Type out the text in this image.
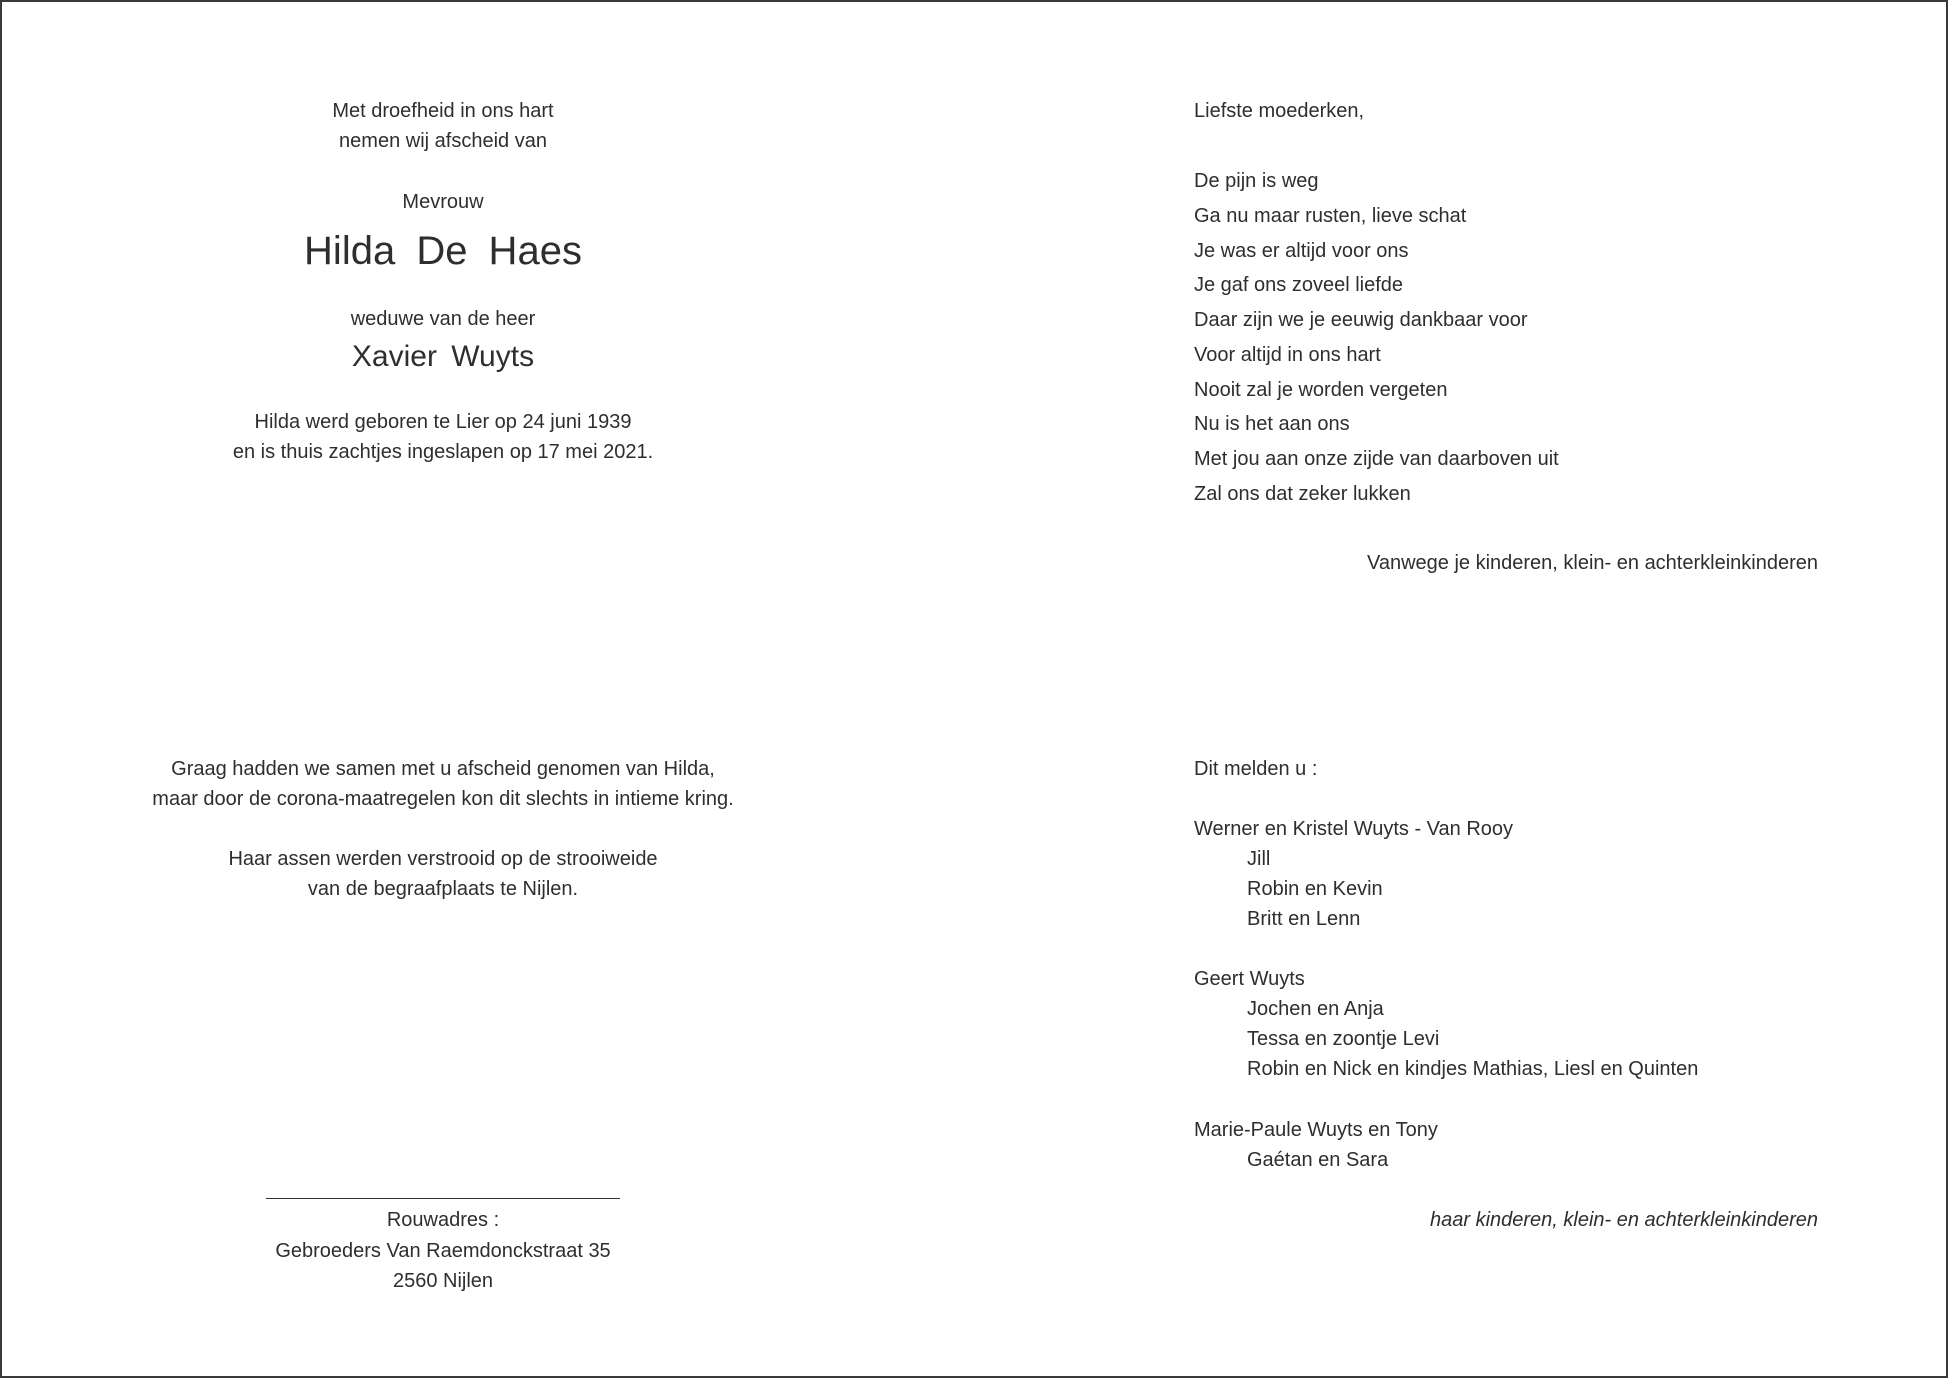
Met droefheid in ons hart
nemen wij afscheid van
Mevrouw
Hilda De Haes
weduwe van de heer
Xavier Wuyts
Hilda werd geboren te Lier op 24 juni 1939
en is thuis zachtjes ingeslapen op 17 mei 2021.
Liefste moederken,
De pijn is weg
Ga nu maar rusten, lieve schat
Je was er altijd voor ons
Je gaf ons zoveel liefde
Daar zijn we je eeuwig dankbaar voor
Voor altijd in ons hart
Nooit zal je worden vergeten
Nu is het aan ons
Met jou aan onze zijde van daarboven uit
Zal ons dat zeker lukken
Vanwege je kinderen, klein- en achterkleinkinderen
Graag hadden we samen met u afscheid genomen van Hilda,
maar door de corona-maatregelen kon dit slechts in intieme kring.
Haar assen werden verstrooid op de strooiweide
van de begraafplaats te Nijlen.
Rouwadres :
Gebroeders Van Raemdonckstraat 35
2560 Nijlen
Dit melden u :
Werner en Kristel Wuyts - Van Rooy
Jill
Robin en Kevin
Britt en Lenn
Geert Wuyts
Jochen en Anja
Tessa en zoontje Levi
Robin en Nick en kindjes Mathias, Liesl en Quinten
Marie-Paule Wuyts en Tony
Gaétan en Sara
haar kinderen, klein- en achterkleinkinderen
